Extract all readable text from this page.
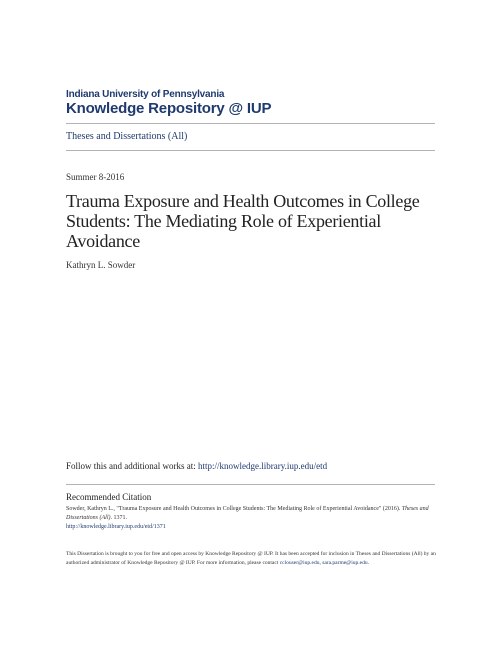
Indiana University of Pennsylvania
Knowledge Repository @ IUP
Theses and Dissertations (All)
Summer 8-2016
Trauma Exposure and Health Outcomes in College Students: The Mediating Role of Experiential Avoidance
Kathryn L. Sowder
Follow this and additional works at: http://knowledge.library.iup.edu/etd
Recommended Citation
Sowder, Kathryn L., "Trauma Exposure and Health Outcomes in College Students: The Mediating Role of Experiential Avoidance" (2016). Theses and Dissertations (All). 1371.
http://knowledge.library.iup.edu/etd/1371
This Dissertation is brought to you for free and open access by Knowledge Repository @ IUP. It has been accepted for inclusion in Theses and Dissertations (All) by an authorized administrator of Knowledge Repository @ IUP. For more information, please contact cclouser@iup.edu, sara.parme@iup.edu.
